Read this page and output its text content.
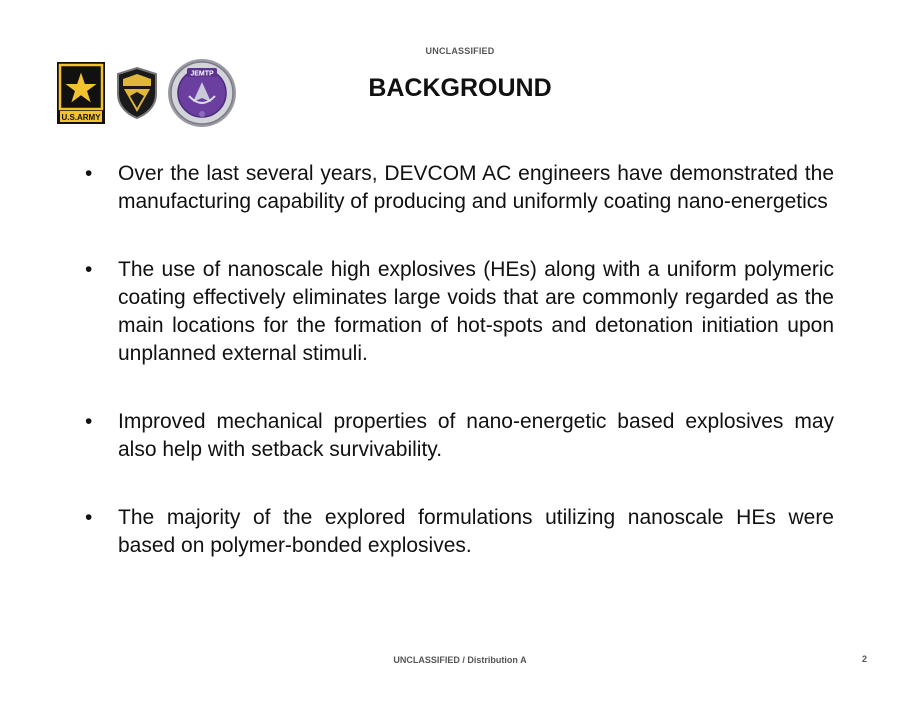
UNCLASSIFIED
U.S.ARMY
JEMTP	BACKGROUND
• Over the last several years, DEVCOM AC engineers have demonstrated the manufacturing capability of producing and uniformly coating nano-energetics
• The use of nanoscale high explosives (HEs) along with a uniform polymeric coating effectively eliminates large voids that are commonly regarded as the main locations for the formation of hot-spots and detonation initiation upon unplanned external stimuli.
• Improved mechanical properties of nano-energetic based explosives may also help with setback survivability.
• The majority of the explored formulations utilizing nanoscale HEs were based on polymer-bonded explosives.
UNCLASSIFIED / Distribution A	2
